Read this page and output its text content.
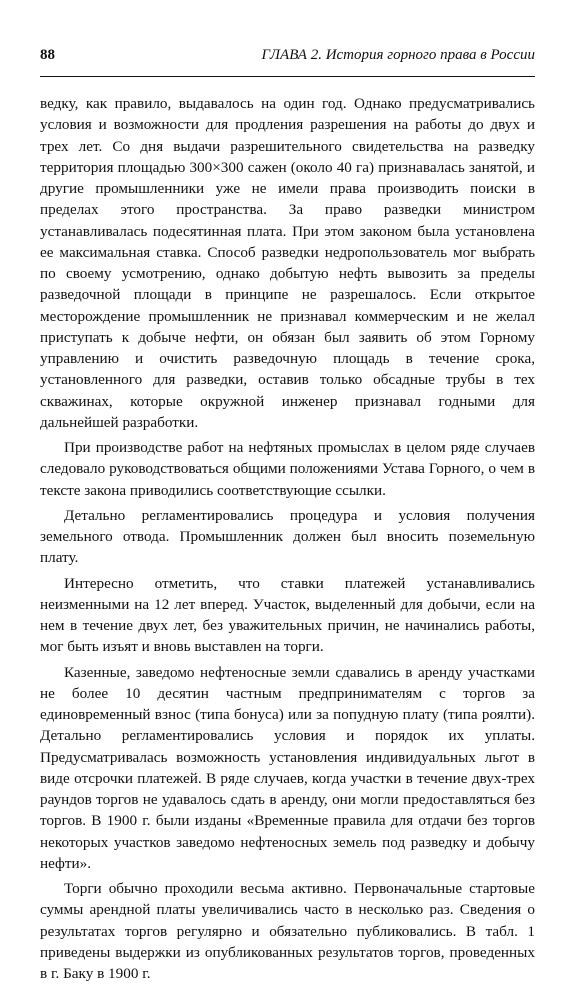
88	ГЛАВА 2. История горного права в России

ведку, как правило, выдавалось на один год. Однако предусматривались условия и возможности для продления разрешения на работы до двух и трех лет. Со дня выдачи разрешительного свидетельства на разведку территория площадью 300×300 сажен (около 40 га) признавалась занятой, и другие промышленники уже не имели права производить поиски в пределах этого пространства. За право разведки министром устанавливалась подесятинная плата. При этом законом была установлена ее максимальная ставка. Способ разведки недропользователь мог выбрать по своему усмотрению, однако добытую нефть вывозить за пределы разведочной площади в принципе не разрешалось. Если открытое месторождение промышленник не признавал коммерческим и не желал приступать к добыче нефти, он обязан был заявить об этом Горному управлению и очистить разведочную площадь в течение срока, установленного для разведки, оставив только обсадные трубы в тех скважинах, которые окружной инженер признавал годными для дальнейшей разработки.

При производстве работ на нефтяных промыслах в целом ряде случаев следовало руководствоваться общими положениями Устава Горного, о чем в тексте закона приводились соответствующие ссылки.

Детально регламентировались процедура и условия получения земельного отвода. Промышленник должен был вносить поземельную плату.

Интересно отметить, что ставки платежей устанавливались неизменными на 12 лет вперед. Участок, выделенный для добычи, если на нем в течение двух лет, без уважительных причин, не начинались работы, мог быть изъят и вновь выставлен на торги.

Казенные, заведомо нефтеносные земли сдавались в аренду участками не более 10 десятин частным предпринимателям с торгов за единовременный взнос (типа бонуса) или за попудную плату (типа роялти). Детально регламентировались условия и порядок их уплаты. Предусматривалась возможность установления индивидуальных льгот в виде отсрочки платежей. В ряде случаев, когда участки в течение двух-трех раундов торгов не удавалось сдать в аренду, они могли предоставляться без торгов. В 1900 г. были изданы «Временные правила для отдачи без торгов некоторых участков заведомо нефтеносных земель под разведку и добычу нефти».

Торги обычно проходили весьма активно. Первоначальные стартовые суммы арендной платы увеличивались часто в несколько раз. Сведения о результатах торгов регулярно и обязательно публиковались. В табл. 1 приведены выдержки из опубликованных результатов торгов, проведенных в г. Баку в 1900 г.
